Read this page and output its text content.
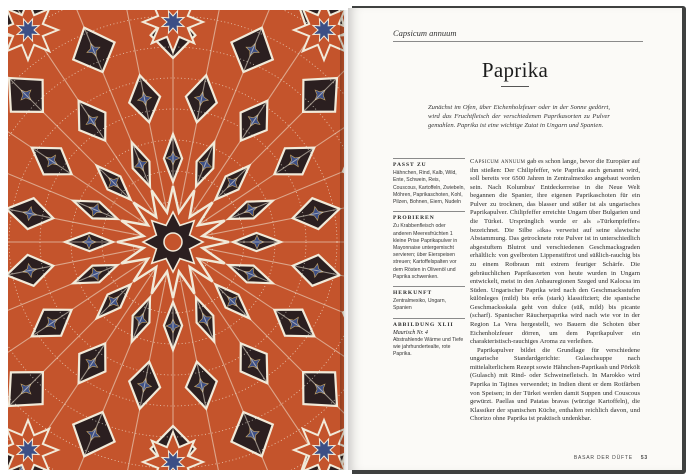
Capsicum annuum
Paprika
Zunächst im Ofen, über Eichenholzfeuer oder in der Sonne gedörrt, wird das Fruchtfleisch der verschiedenen Paprikasorten zu Pulver gemahlen. Paprika ist eine wichtige Zutat in Ungarn und Spanien.
PASST ZU
Hähnchen, Rind, Kalb, Wild, Ente, Schwein, Reis, Couscous, Kartoffeln, Zwiebeln, Möhren, Paprikaschoten, Kohl, Pilzen, Bohnen, Eiern, Nudeln
PROBIEREN
Zu Krabbenfleisch oder anderen Meeresfrüchten 1 kleine Prise Paprikapulver in Mayonnaise untergemischt servieren; über Eierspeisen streuen; Kartoffelspalten vor dem Rösten in Olivenöl und Paprika schwenken.
HERKUNFT
Zentralmexiko, Ungarn, Spanien
ABBILDUNG XLII
Maurisch Nr. 4
Abstrahlende Wärme und Tiefe wie jahrhundertealte, rote Paprika.

Capsicum annuum gab es schon lange, bevor die Europäer auf ihn stießen: Der Chilipfeffer, wie Paprika auch genannt wird, soll bereits vor 6500 Jahren in Zentralmexiko angebaut worden sein. Nach Kolumbus' Entdeckerreise in die Neue Welt begannen die Spanier, ihre eigenen Paprikaschoten für ein Pulver zu trocknen, das blasser und süßer ist als ungarisches Paprikapulver. Chilipfeffer erreichte Ungarn über Bulgarien und die Türkei. Ursprünglich wurde er als »Türkenpfeffer« bezeichnet. Die Silbe »ika« verweist auf seine slawische Abstammung. Das getrocknete rote Pulver ist in unterschiedlich abgestuftem Blutrot und verschiedenen Geschmacksgraden erhältlich: von gvelbroten Lippenstiftrot und süßlich-rauchig bis zu einem Rotbraun mit extrem feuriger Schärfe. Die gebräuchlichen Paprikasorten von heute wurden in Ungarn entwickelt, meist in den Anbauregionen Szeged und Kalocsa im Süden. Ungarischer Paprika wird nach den Geschmacksstufen különleges (mild) bis erős (stark) klassifiziert; die spanische Geschmacksskala geht von dulce (süß, mild) bis picante (scharf). Spanischer Räucherpaprika wird nach wie vor in der Region La Vera hergestellt, wo Bauern die Schoten über Eichenholzfeuer dörren, um dem Paprikapulver ein charakteristisch-rauchiges Aroma zu verleihen.

Paprikapulver bildet die Grundlage für verschiedene ungarische Standardgerichte: Gulaschsuppe nach mittelalterlichem Rezept sowie Hähnchen-Paprikash und Pörkölt (Gulasch) mit Rind- oder Schweinefleisch. In Marokko wird Paprika in Tajines verwendet; in Indien dient er dem Rotfärben von Speisen; in der Türkei werden damit Suppen und Couscous gewürzt. Paellas und Patatas bravas (würzige Kartoffeln), die Klassiker der spanischen Küche, enthalten reichlich davon, und Chorizo ohne Paprika ist praktisch undenkbar.

BASAR DER DÜFTE 53
